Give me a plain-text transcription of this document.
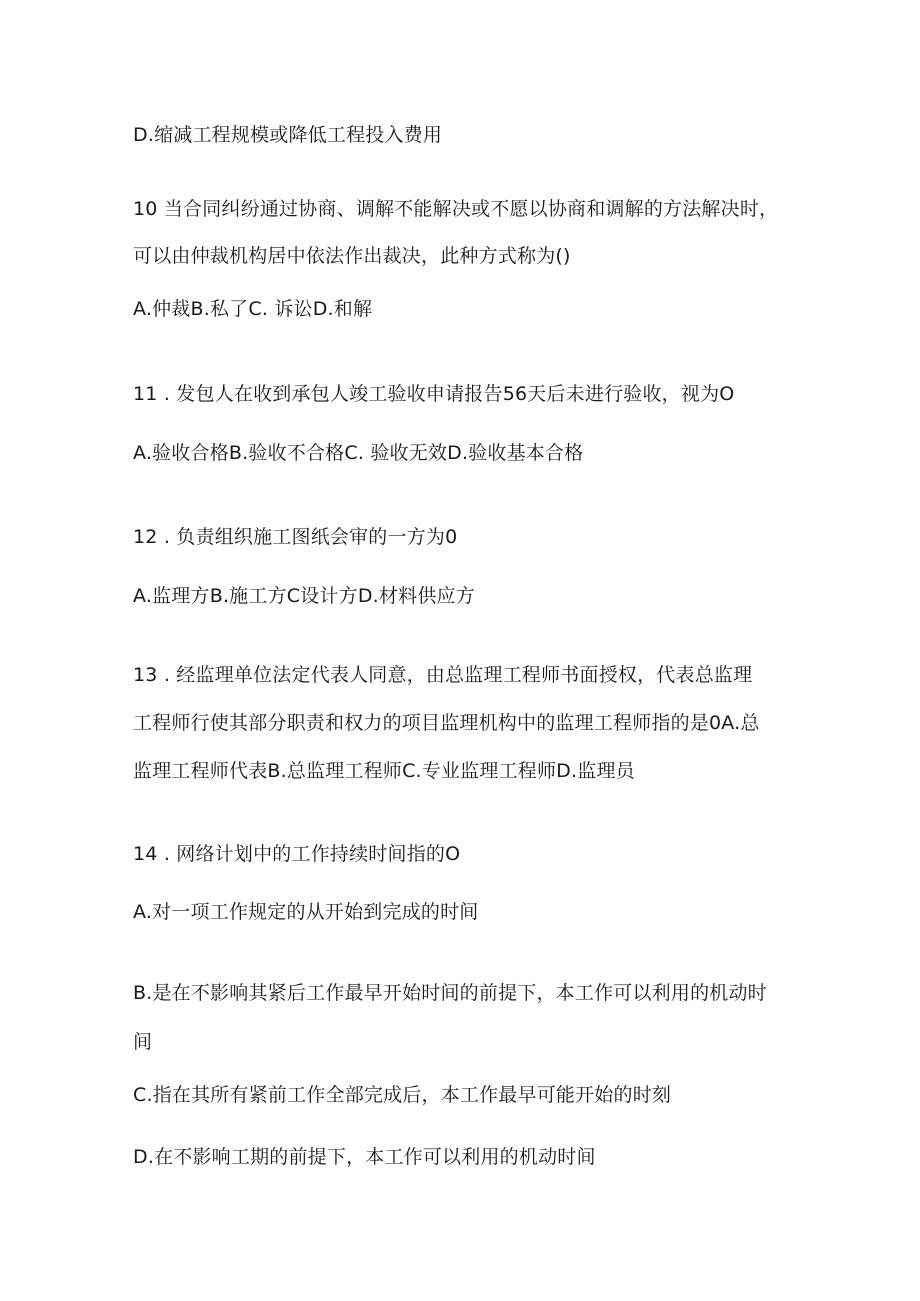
D.缩减工程规模或降低工程投入费用
10 当合同纠纷通过协商、调解不能解决或不愿以协商和调解的方法解决时，
可以由仲裁机构居中依法作出裁决，此种方式称为()
A.仲裁B.私了C. 诉讼D.和解
11 . 发包人在收到承包人竣工验收申请报告56天后未进行验收，视为O
A.验收合格B.验收不合格C. 验收无效D.验收基本合格
12 . 负责组织施工图纸会审的一方为0
A.监理方B.施工方C设计方D.材料供应方
13 . 经监理单位法定代表人同意，由总监理工程师书面授权，代表总监理
工程师行使其部分职责和权力的项目监理机构中的监理工程师指的是0A.总
监理工程师代表B.总监理工程师C.专业监理工程师D.监理员
14 . 网络计划中的工作持续时间指的O
A.对一项工作规定的从开始到完成的时间
B.是在不影响其紧后工作最早开始时间的前提下，本工作可以利用的机动时
间
C.指在其所有紧前工作全部完成后，本工作最早可能开始的时刻
D.在不影响工期的前提下，本工作可以利用的机动时间
